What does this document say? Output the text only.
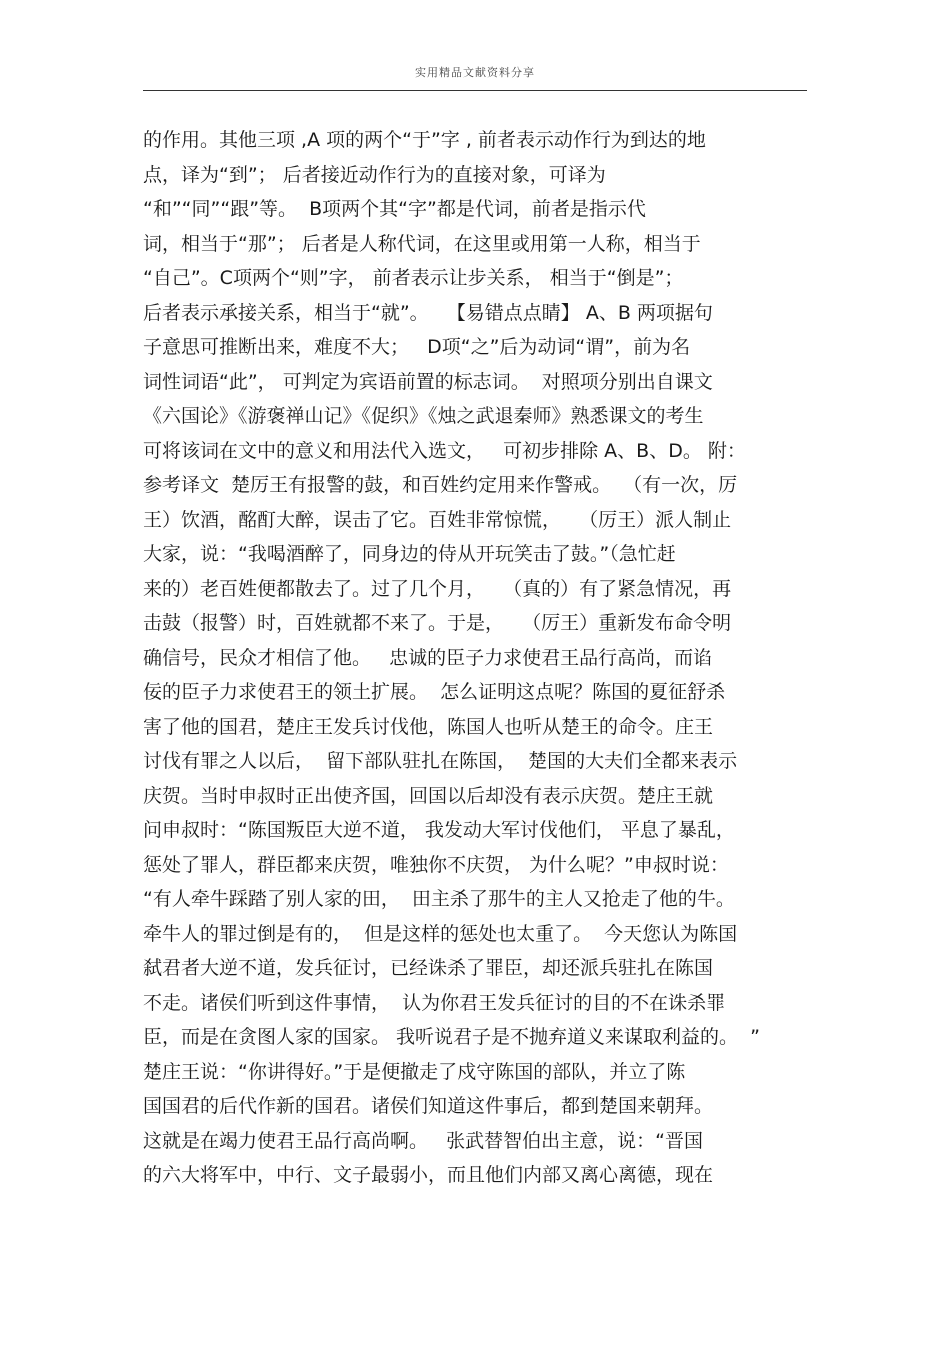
实用精品文献资料分享
的作用。其他三项 ,A 项的两个“于”字 , 前者表示动作行为到达的地
点，译为“到”； 后者接近动作行为的直接对象，可译为
“和”“同”“跟”等。  B项两个其“字”都是代词，前者是指示代
词，相当于“那”； 后者是人称代词，在这里或用第一人称，相当于
“自己”。C项两个“则”字， 前者表示让步关系， 相当于“倒是”；
后者表示承接关系，相当于“就”。   【易错点点睛】 A、B 两项据句
子意思可推断出来，难度不大；   D项“之”后为动词“谓”，前为名
词性词语“此”， 可判定为宾语前置的标志词。  对照项分别出自课文
《六国论》《游褒禅山记》《促织》《烛之武退秦师》熟悉课文的考生
可将该词在文中的意义和用法代入选文，   可初步排除 A、B、D。 附：
参考译文  楚厉王有报警的鼓，和百姓约定用来作警戒。  （有一次，厉
王）饮酒，酩酊大醉，误击了它。百姓非常惊慌，   （厉王）派人制止
大家，说：“我喝酒醉了，同身边的侍从开玩笑击了鼓。”（急忙赶
来的）老百姓便都散去了。过了几个月，   （真的）有了紧急情况，再
击鼓（报警）时，百姓就都不来了。于是，   （厉王）重新发布命令明
确信号，民众才相信了他。   忠诚的臣子力求使君王品行高尚，而谄
佞的臣子力求使君王的领土扩展。  怎么证明这点呢？陈国的夏征舒杀
害了他的国君，楚庄王发兵讨伐他，陈国人也听从楚王的命令。庄王
讨伐有罪之人以后，  留下部队驻扎在陈国，  楚国的大夫们全都来表示
庆贺。当时申叔时正出使齐国，回国以后却没有表示庆贺。楚庄王就
问申叔时：“陈国叛臣大逆不道， 我发动大军讨伐他们， 平息了暴乱，
惩处了罪人，群臣都来庆贺，唯独你不庆贺， 为什么呢？”申叔时说：
“有人牵牛踩踏了别人家的田，  田主杀了那牛的主人又抢走了他的牛。
牵牛人的罪过倒是有的，  但是这样的惩处也太重了。  今天您认为陈国
弑君者大逆不道，发兵征讨，已经诛杀了罪臣，却还派兵驻扎在陈国
不走。诸侯们听到这件事情，  认为你君王发兵征讨的目的不在诛杀罪
臣，而是在贪图人家的国家。 我听说君子是不抛弃道义来谋取利益的。  ”
楚庄王说：“你讲得好。”于是便撤走了戍守陈国的部队，并立了陈
国国君的后代作新的国君。诸侯们知道这件事后，都到楚国来朝拜。
这就是在竭力使君王品行高尚啊。   张武替智伯出主意，说：“晋国
的六大将军中，中行、文子最弱小，而且他们内部又离心离德，现在
